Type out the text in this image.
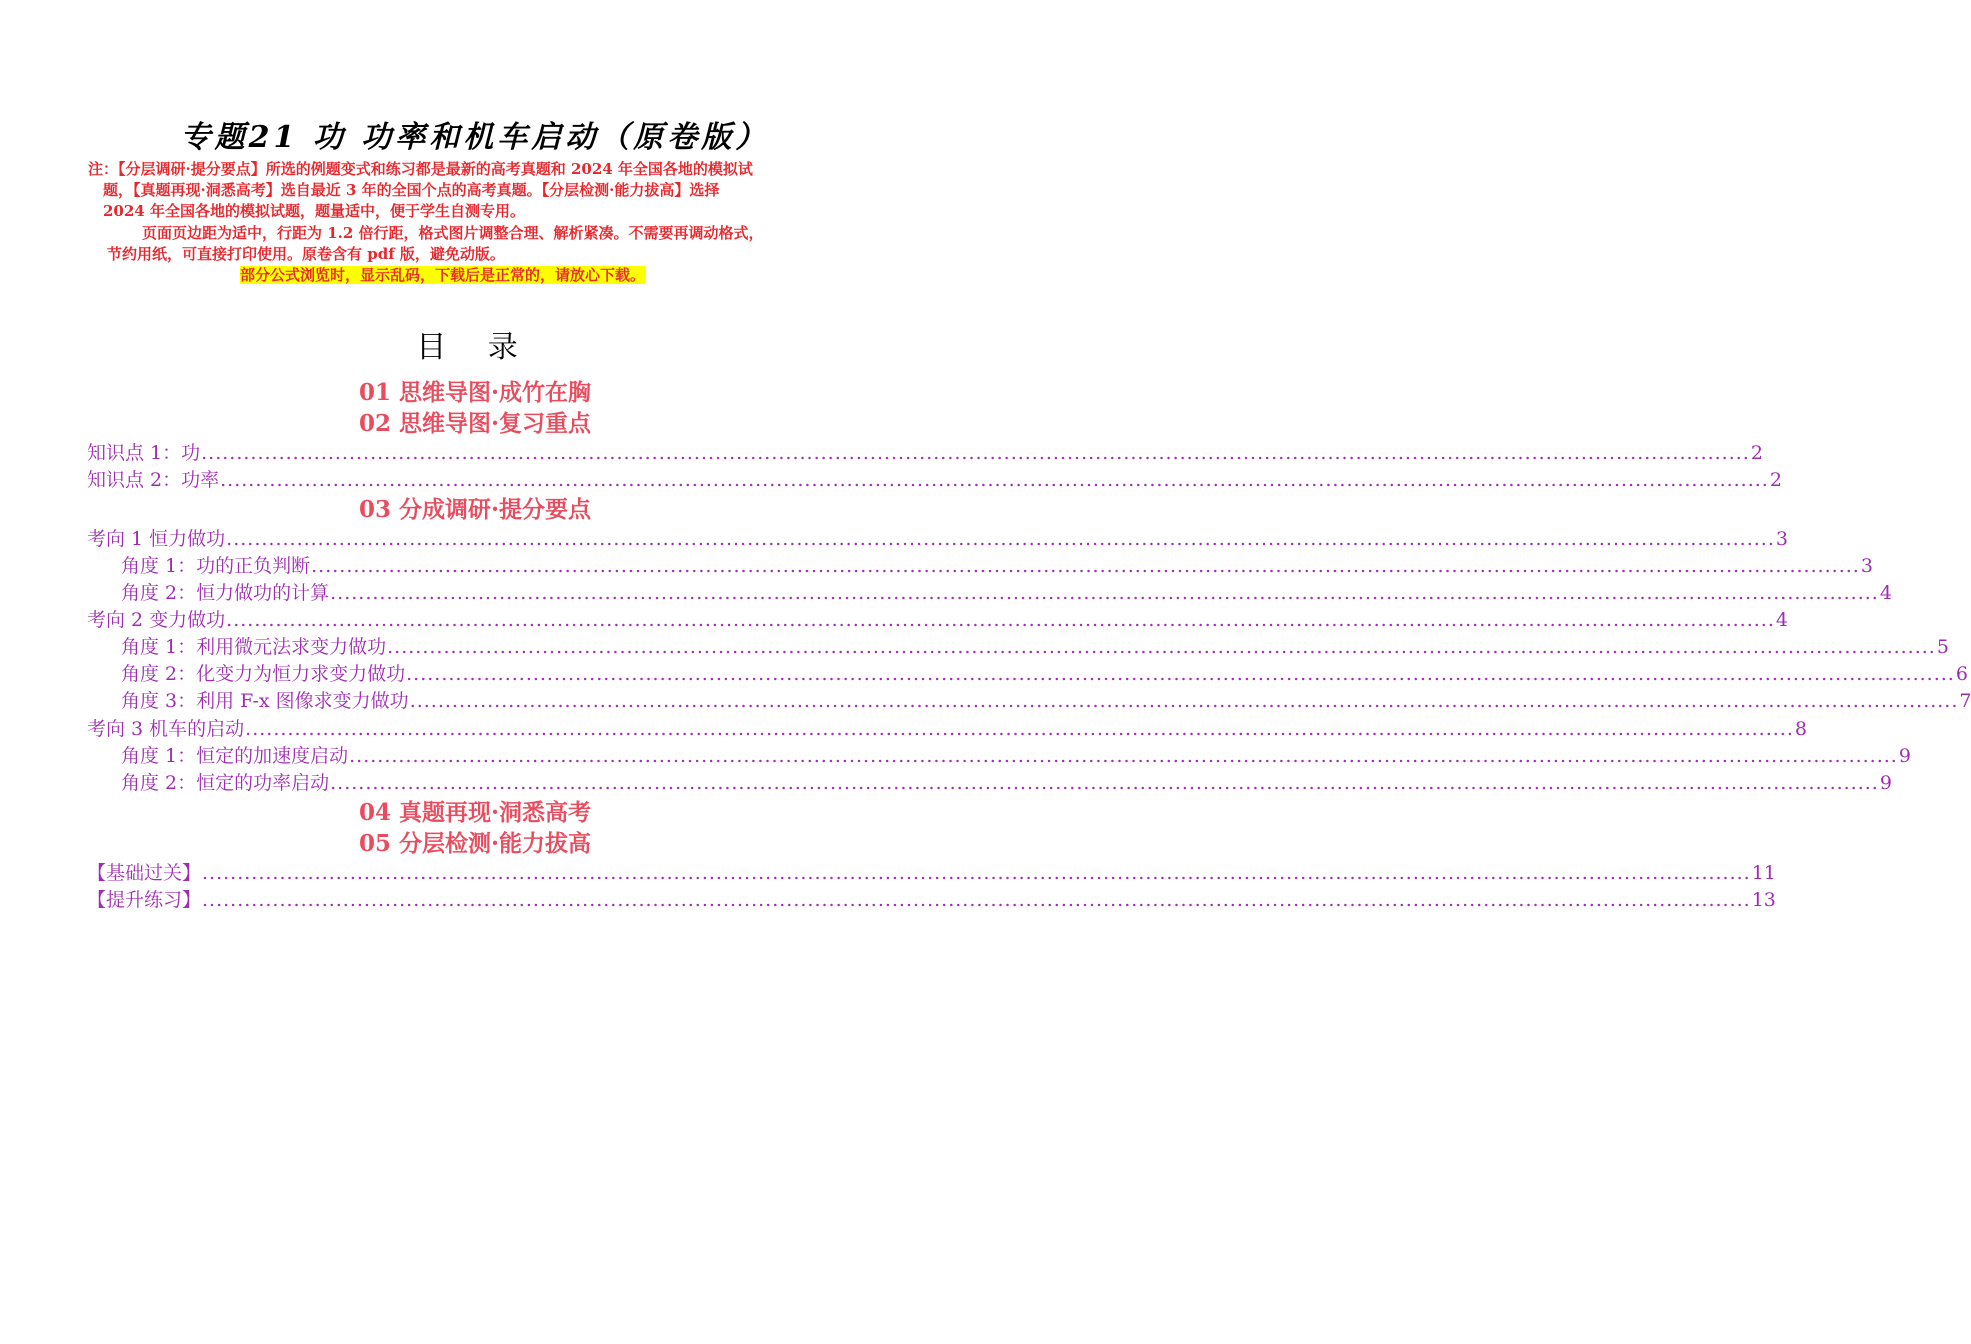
专题21 功 功率和机车启动（原卷版）
注：【分层调研·提分要点】所选的例题变式和练习都是最新的高考真题和 2024 年全国各地的模拟试
题，【真题再现·洞悉高考】选自最近 3 年的全国个点的高考真题。【分层检测·能力拔高】选择
2024 年全国各地的模拟试题，题量适中，便于学生自测专用。
页面页边距为适中，行距为 1.2 倍行距，格式图片调整合理、解析紧凑。不需要再调动格式，
节约用纸，可直接打印使用。原卷含有 pdf 版，避免动版。
部分公式浏览时，显示乱码，下载后是正常的，请放心下载。
目 录
01 思维导图·成竹在胸
02 思维导图·复习重点
知识点 1：功 ............................................................................................................................................................................................................................ 2
知识点 2：功率 ............................................................................................................................................................................................................................ 2
03 分成调研·提分要点
考向 1 恒力做功 ............................................................................................................................................................................................................................ 3
角度 1：功的正负判断 ............................................................................................................................................................................................................................ 3
角度 2：恒力做功的计算 ............................................................................................................................................................................................................................ 4
考向 2 变力做功 ............................................................................................................................................................................................................................ 4
角度 1：利用微元法求变力做功 ............................................................................................................................................................................................................................ 5
角度 2：化变力为恒力求变力做功 ............................................................................................................................................................................................................................ 6
角度 3：利用 F-x 图像求变力做功 ............................................................................................................................................................................................................................ 7
考向 3 机车的启动 ............................................................................................................................................................................................................................ 8
角度 1：恒定的加速度启动 ............................................................................................................................................................................................................................ 9
角度 2：恒定的功率启动 ............................................................................................................................................................................................................................ 9
04 真题再现·洞悉高考
05 分层检测·能力拔高
【基础过关】 ............................................................................................................................................................................................................................ 11
【提升练习】 ............................................................................................................................................................................................................................ 13
